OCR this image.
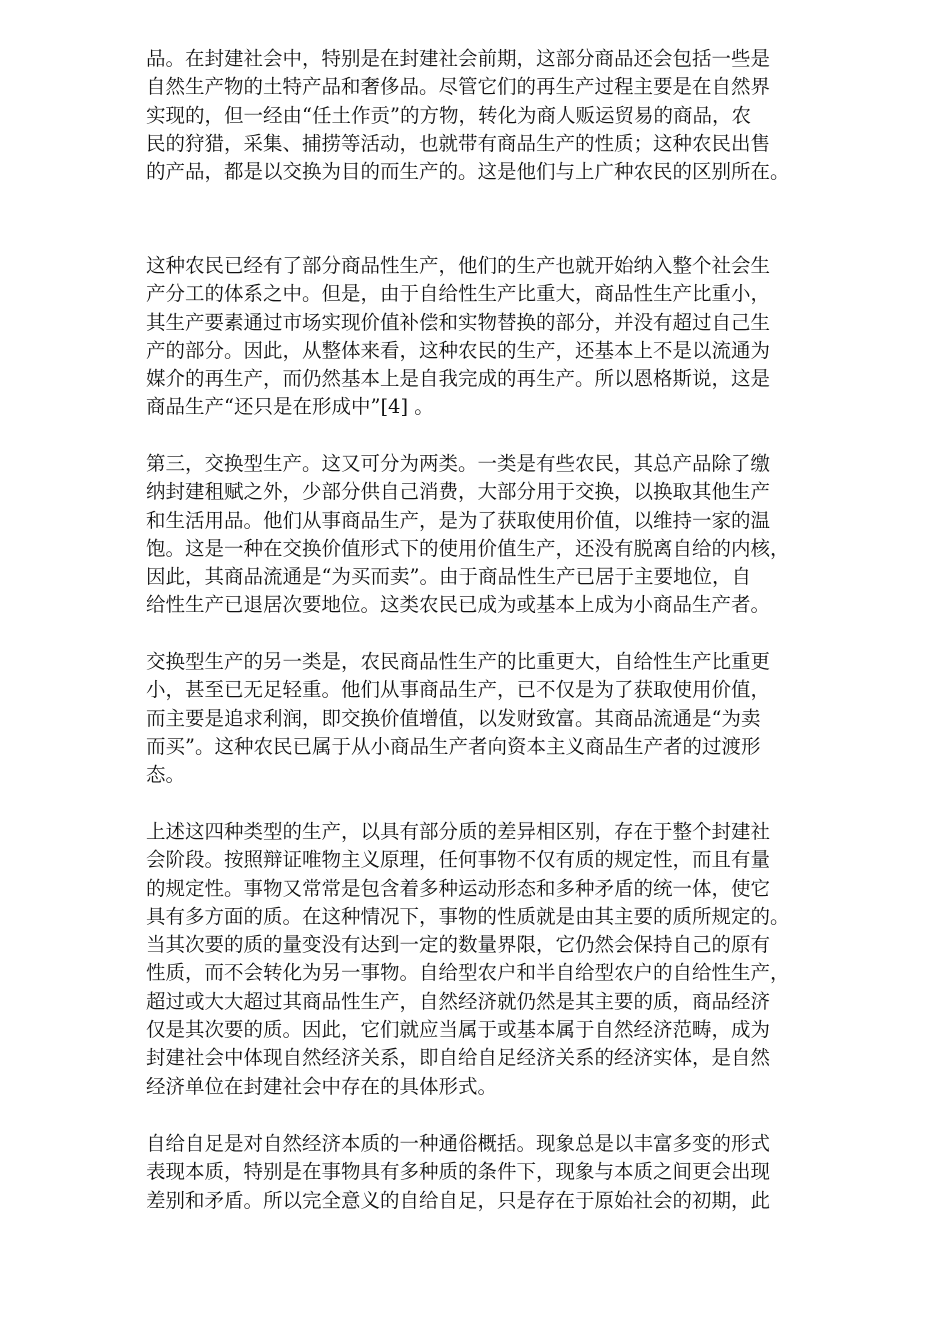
品。在封建社会中，特别是在封建社会前期，这部分商品还会包括一些是
自然生产物的土特产品和奢侈品。尽管它们的再生产过程主要是在自然界
实现的，但一经由“任土作贡”的方物，转化为商人贩运贸易的商品，农
民的狩猎，采集、捕捞等活动，也就带有商品生产的性质；这种农民出售
的产品，都是以交换为目的而生产的。这是他们与上广种农民的区别所在。
这种农民已经有了部分商品性生产，他们的生产也就开始纳入整个社会生
产分工的体系之中。但是，由于自给性生产比重大，商品性生产比重小，
其生产要素通过市场实现价值补偿和实物替换的部分，并没有超过自己生
产的部分。因此，从整体来看，这种农民的生产，还基本上不是以流通为
媒介的再生产，而仍然基本上是自我完成的再生产。所以恩格斯说，这是
商品生产“还只是在形成中”[4] 。
第三，交换型生产。这又可分为两类。一类是有些农民，其总产品除了缴
纳封建租赋之外，少部分供自己消费，大部分用于交换，以换取其他生产
和生活用品。他们从事商品生产，是为了获取使用价值，以维持一家的温
饱。这是一种在交换价值形式下的使用价值生产，还没有脱离自给的内核，
因此，其商品流通是“为买而卖”。由于商品性生产已居于主要地位，自
给性生产已退居次要地位。这类农民已成为或基本上成为小商品生产者。
交换型生产的另一类是，农民商品性生产的比重更大，自给性生产比重更
小，甚至已无足轻重。他们从事商品生产，已不仅是为了获取使用价值，
而主要是追求利润，即交换价值增值，以发财致富。其商品流通是“为卖
而买”。这种农民已属于从小商品生产者向资本主义商品生产者的过渡形
态。
上述这四种类型的生产，以具有部分质的差异相区别，存在于整个封建社
会阶段。按照辩证唯物主义原理，任何事物不仅有质的规定性，而且有量
的规定性。事物又常常是包含着多种运动形态和多种矛盾的统一体，使它
具有多方面的质。在这种情况下，事物的性质就是由其主要的质所规定的。
当其次要的质的量变没有达到一定的数量界限，它仍然会保持自己的原有
性质，而不会转化为另一事物。自给型农户和半自给型农户的自给性生产，
超过或大大超过其商品性生产，自然经济就仍然是其主要的质，商品经济
仅是其次要的质。因此，它们就应当属于或基本属于自然经济范畴，成为
封建社会中体现自然经济关系，即自给自足经济关系的经济实体，是自然
经济单位在封建社会中存在的具体形式。
自给自足是对自然经济本质的一种通俗概括。现象总是以丰富多变的形式
表现本质，特别是在事物具有多种质的条件下，现象与本质之间更会出现
差别和矛盾。所以完全意义的自给自足，只是存在于原始社会的初期，此
